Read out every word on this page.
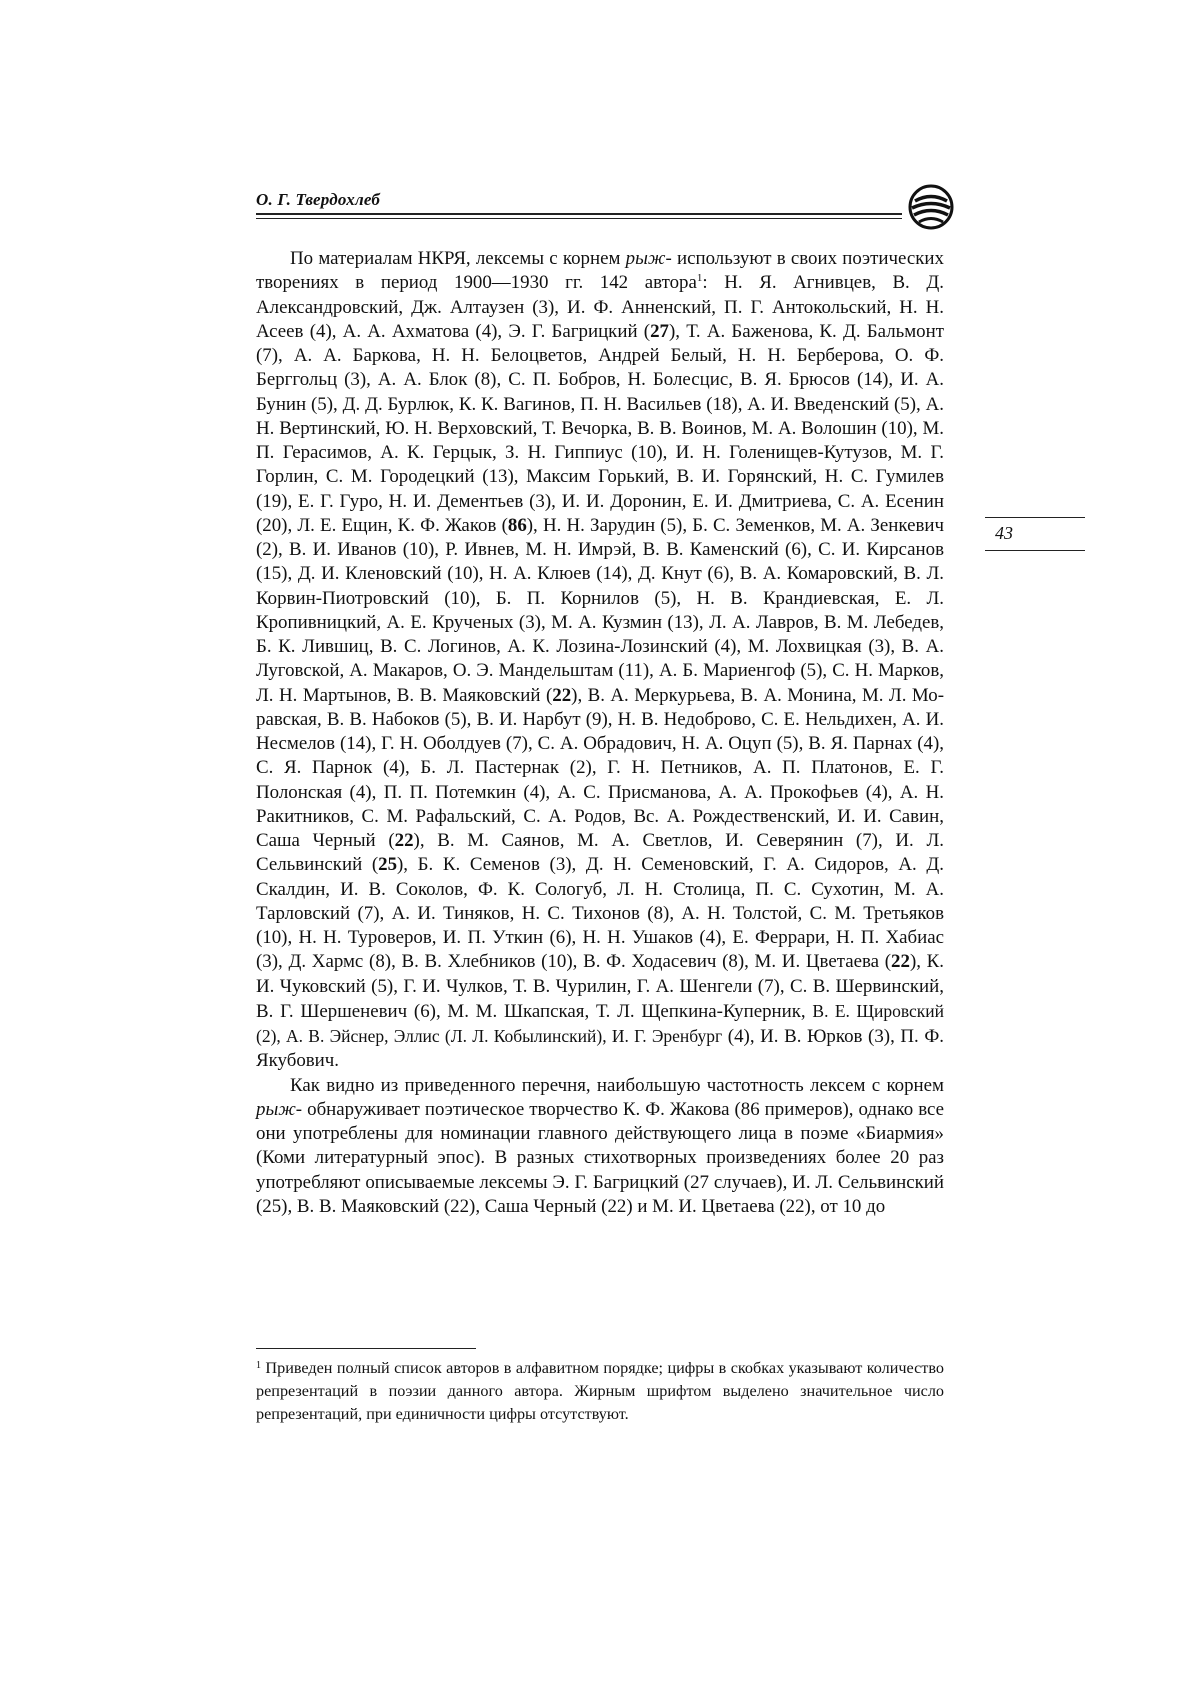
О. Г. Твердохлеб
43

По материалам НКРЯ, лексемы с корнем рыж- используют в своих поэтических творениях в период 1900—1930 гг. 142 автора$^1$: Н. Я. Агнивцев, В. Д. Александровский, Дж. Алтаузен (3), И. Ф. Анненский, П. Г. Антокольский, Н. Н. Асеев (4), А. А. Ахматова (4), Э. Г. Багрицкий (27), Т. А. Баженова, К. Д. Бальмонт (7), А. А. Баркова, Н. Н. Белоцветов, Андрей Белый, Н. Н. Берберова, О. Ф. Берггольц (3), А. А. Блок (8), С. П. Бобров, Н. Болесцис, В. Я. Брюсов (14), И. А. Бунин (5), Д. Д. Бурлюк, К. К. Вагинов, П. Н. Васильев (18), А. И. Введенский (5), А. Н. Вертинский, Ю. Н. Верховский, Т. Вечорка, В. В. Воинов, М. А. Волошин (10), М. П. Герасимов, А. К. Герцык, З. Н. Гиппиус (10), И. Н. Голенищев-Кутузов, М. Г. Горлин, С. М. Городецкий (13), Максим Горький, В. И. Горянский, Н. С. Гумилев (19), Е. Г. Гуро, Н. И. Дементьев (3), И. И. Доронин, Е. И. Дмитриева, С. А. Есенин (20), Л. Е. Ещин, К. Ф. Жаков (86), Н. Н. Зарудин (5), Б. С. Земенков, М. А. Зенкевич (2), В. И. Иванов (10), Р. Ивнев, М. Н. Имрэй, В. В. Каменский (6), С. И. Кирсанов (15), Д. И. Кленовский (10), Н. А. Клюев (14), Д. Кнут (6), В. А. Комаровский, В. Л. Корвин-Пиотровский (10), Б. П. Корнилов (5), Н. В. Крандиевская, Е. Л. Кропивницкий, А. Е. Крученых (3), М. А. Кузмин (13), Л. А. Лавров, В. М. Лебедев, Б. К. Лившиц, В. С. Логинов, А. К. Лозина-Лозинский (4), М. Лохвицкая (3), В. А. Луговской, А. Макаров, О. Э. Мандельштам (11), А. Б. Мариенгоф (5), С. Н. Марков, Л. Н. Мартынов, В. В. Маяковский (22), В. А. Меркурьева, В. А. Монина, М. Л. Моравская, В. В. Набоков (5), В. И. Нарбут (9), Н. В. Недоброво, С. Е. Нельдихен, А. И. Несмелов (14), Г. Н. Оболдуев (7), С. А. Обрадович, Н. А. Оцуп (5), В. Я. Парнах (4), С. Я. Парнок (4), Б. Л. Пастернак (2), Г. Н. Петников, А. П. Платонов, Е. Г. Полонская (4), П. П. Потемкин (4), А. С. Присманова, А. А. Прокофьев (4), А. Н. Ракитников, С. М. Рафальский, С. А. Родов, Вс. А. Рождественский, И. И. Савин, Саша Черный (22), В. М. Саянов, М. А. Светлов, И. Северянин (7), И. Л. Сельвинский (25), Б. К. Семенов (3), Д. Н. Семеновский, Г. А. Сидоров, А. Д. Скалдин, И. В. Соколов, Ф. К. Сологуб, Л. Н. Столица, П. С. Сухотин, М. А. Тарловский (7), А. И. Тиняков, Н. С. Тихонов (8), А. Н. Толстой, С. М. Третьяков (10), Н. Н. Туроверов, И. П. Уткин (6), Н. Н. Ушаков (4), Е. Феррари, Н. П. Хабиас (3), Д. Хармс (8), В. В. Хлебников (10), В. Ф. Ходасевич (8), М. И. Цветаева (22), К. И. Чуковский (5), Г. И. Чулков, Т. В. Чурилин, Г. А. Шенгели (7), С. В. Шервинский, В. Г. Шершеневич (6), М. М. Шкапская, Т. Л. Щепкина-Куперник, В. Е. Щировский (2), А. В. Эйснер, Эллис (Л. Л. Кобылинский), И. Г. Эренбург (4), И. В. Юрков (3), П. Ф. Якубович.

Как видно из приведенного перечня, наибольшую частотность лексем с корнем рыж- обнаруживает поэтическое творчество К. Ф. Жакова (86 примеров), однако все они употреблены для номинации главного действующего лица в поэме «Биармия» (Коми литературный эпос). В разных стихотворных произведениях более 20 раз употребляют описываемые лексемы Э. Г. Багрицкий (27 случаев), И. Л. Сельвинский (25), В. В. Маяковский (22), Саша Черный (22) и М. И. Цветаева (22), от 10 до

$^1$ Приведен полный список авторов в алфавитном порядке; цифры в скобках указывают количество репрезентаций в поэзии данного автора. Жирным шрифтом выделено значительное число репрезентаций, при единичности цифры отсутствуют.
